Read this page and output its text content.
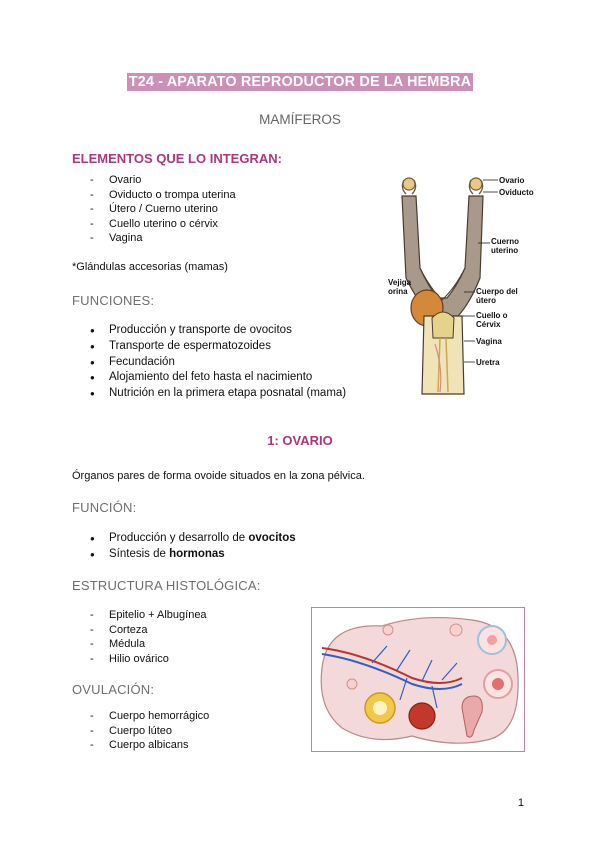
T24 - APARATO REPRODUCTOR DE LA HEMBRA
MAMÍFEROS
ELEMENTOS QUE LO INTEGRAN:
- Ovario
- Oviducto o trompa uterina
- Útero / Cuerno uterino
- Cuello uterino o cérvix
- Vagina
*Glándulas accesorias (mamas)
FUNCIONES:
● Producción y transporte de ovocitos
● Transporte de espermatozoides
● Fecundación
● Alojamiento del feto hasta el nacimiento
● Nutrición en la primera etapa posnatal (mama)
Ovario
Oviducto
Cuerno
uterino
Vejiga
orina	Cuerpo del
útero
Cuello o
Cérvix
Vagina
Uretra
1: OVARIO
Órganos pares de forma ovoide situados en la zona pélvica.
FUNCIÓN:
● Producción y desarrollo de ovocitos
● Síntesis de hormonas
ESTRUCTURA HISTOLÓGICA:
- Epitelio + Albugínea
- Corteza
- Médula
- Hilio ovárico
OVULACIÓN:
- Cuerpo hemorrágico
- Cuerpo lúteo
- Cuerpo albicans
1
